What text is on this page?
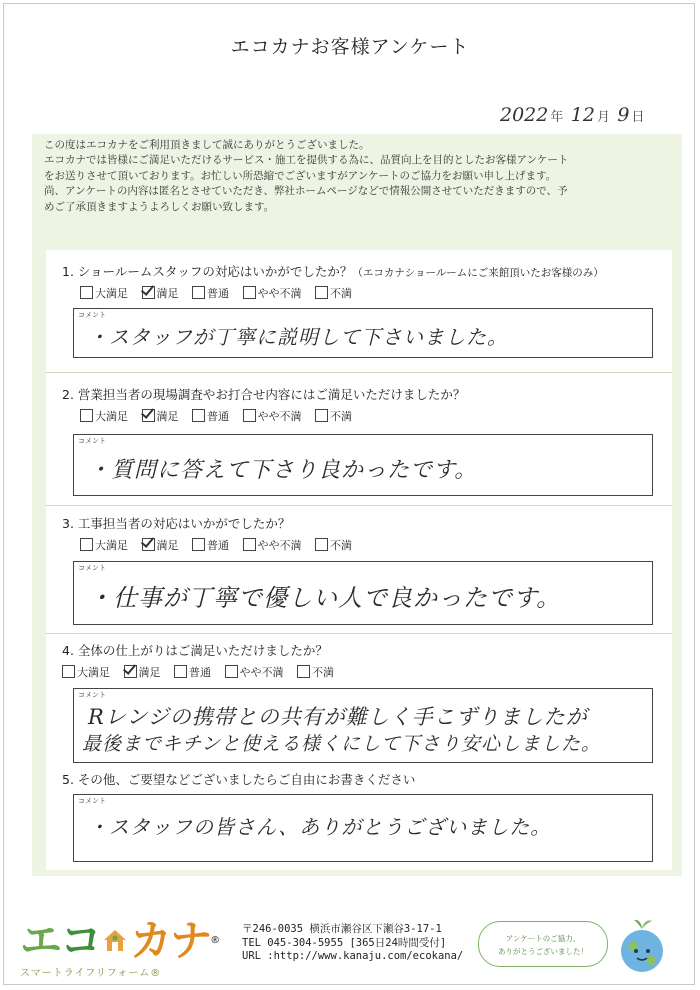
エコカナお客様アンケート
2022 年 12 月 9 日
この度はエコカナをご利用頂きまして誠にありがとうございました。
エコカナでは皆様にご満足いただけるサービス・施工を提供する為に、品質向上を目的としたお客様アンケート
をお送りさせて頂いております。お忙しい所恐縮でございますがアンケートのご協力をお願い申し上げます。
尚、アンケートの内容は匿名とさせていただき、弊社ホームページなどで情報公開させていただきますので、予
めご了承頂きますようよろしくお願い致します。
1. ショールームスタッフの対応はいかがでしたか？（エコカナショールームにご来館頂いたお客様のみ）
大満足	満足	普通	やや不満	不満
コメント
・スタッフが丁寧に説明して下さいました。
2. 営業担当者の現場調査やお打合せ内容にはご満足いただけましたか？
大満足	満足	普通	やや不満	不満
コメント
・質問に答えて下さり良かったです。
3. 工事担当者の対応はいかがでしたか？
大満足	満足	普通	やや不満	不満
コメント
・仕事が丁寧で優しい人で良かったです。
4. 全体の仕上がりはご満足いただけましたか？
大満足	満足	普通	やや不満	不満
コメント
Rレンジの携帯との共有が難しく手こずりましたが
最後までキチンと使える様くにして下さり安心しました。
5. その他、ご要望などございましたらご自由にお書きください
コメント
・スタッフの皆さん、ありがとうございました。
エコ カナ®
スマートライフリフォーム®
〒246-0035 横浜市瀬谷区下瀬谷3-17-1
TEL 045-304-5955 [365日24時間受付]
URL :http://www.kanaju.com/ecokana/
アンケートのご協力、
ありがとうございました！
